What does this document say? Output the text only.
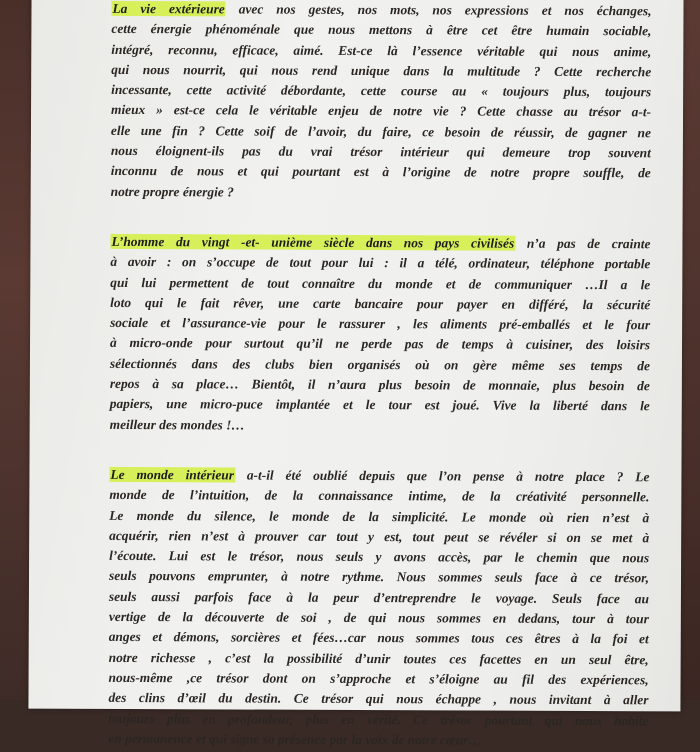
La vie extérieure avec nos gestes, nos mots, nos expressions et nos échanges,
cette énergie phénoménale que nous mettons à être cet être humain sociable,
intégré, reconnu, efficace, aimé. Est-ce là l’essence véritable qui nous anime,
qui nous nourrit, qui nous rend unique dans la multitude ? Cette recherche
incessante, cette activité débordante, cette course au « toujours plus, toujours
mieux » est-ce cela le véritable enjeu de notre vie ? Cette chasse au trésor a-t-
elle une fin ? Cette soif de l’avoir, du faire, ce besoin de réussir, de gagner ne
nous éloignent-ils pas du vrai trésor intérieur qui demeure trop souvent
inconnu de nous et qui pourtant est à l’origine de notre propre souffle, de
notre propre énergie ?
L’homme du vingt -et- unième siècle dans nos pays civilisés n’a pas de crainte
à avoir : on s’occupe de tout pour lui : il a télé, ordinateur, téléphone portable
qui lui permettent de tout connaître du monde et de communiquer …Il a le
loto qui le fait rêver, une carte bancaire pour payer en différé, la sécurité
sociale et l’assurance-vie pour le rassurer , les aliments pré-emballés et le four
à micro-onde pour surtout qu’il ne perde pas de temps à cuisiner, des loisirs
sélectionnés dans des clubs bien organisés où on gère même ses temps de
repos à sa place… Bientôt, il n’aura plus besoin de monnaie, plus besoin de
papiers, une micro-puce implantée et le tour est joué. Vive la liberté dans le
meilleur des mondes !…
Le monde intérieur a-t-il été oublié depuis que l’on pense à notre place ? Le
monde de l’intuition, de la connaissance intime, de la créativité personnelle.
Le monde du silence, le monde de la simplicité. Le monde où rien n’est à
acquérir, rien n’est à prouver car tout y est, tout peut se révéler si on se met à
l’écoute. Lui est le trésor, nous seuls y avons accès, par le chemin que nous
seuls pouvons emprunter, à notre rythme. Nous sommes seuls face à ce trésor,
seuls aussi parfois face à la peur d’entreprendre le voyage. Seuls face au
vertige de la découverte de soi , de qui nous sommes en dedans, tour à tour
anges et démons, sorcières et fées…car nous sommes tous ces êtres à la foi et
notre richesse , c’est la possibilité d’unir toutes ces facettes en un seul être,
nous-même ,ce trésor dont on s’approche et s’éloigne au fil des expériences,
des clins d’œil du destin. Ce trésor qui nous échappe , nous invitant à aller
toujours plus en profondeur, plus en vérité. Ce trésor pourtant qui nous habite
en permanence et qui signe sa présence par la voix de notre cœur…
